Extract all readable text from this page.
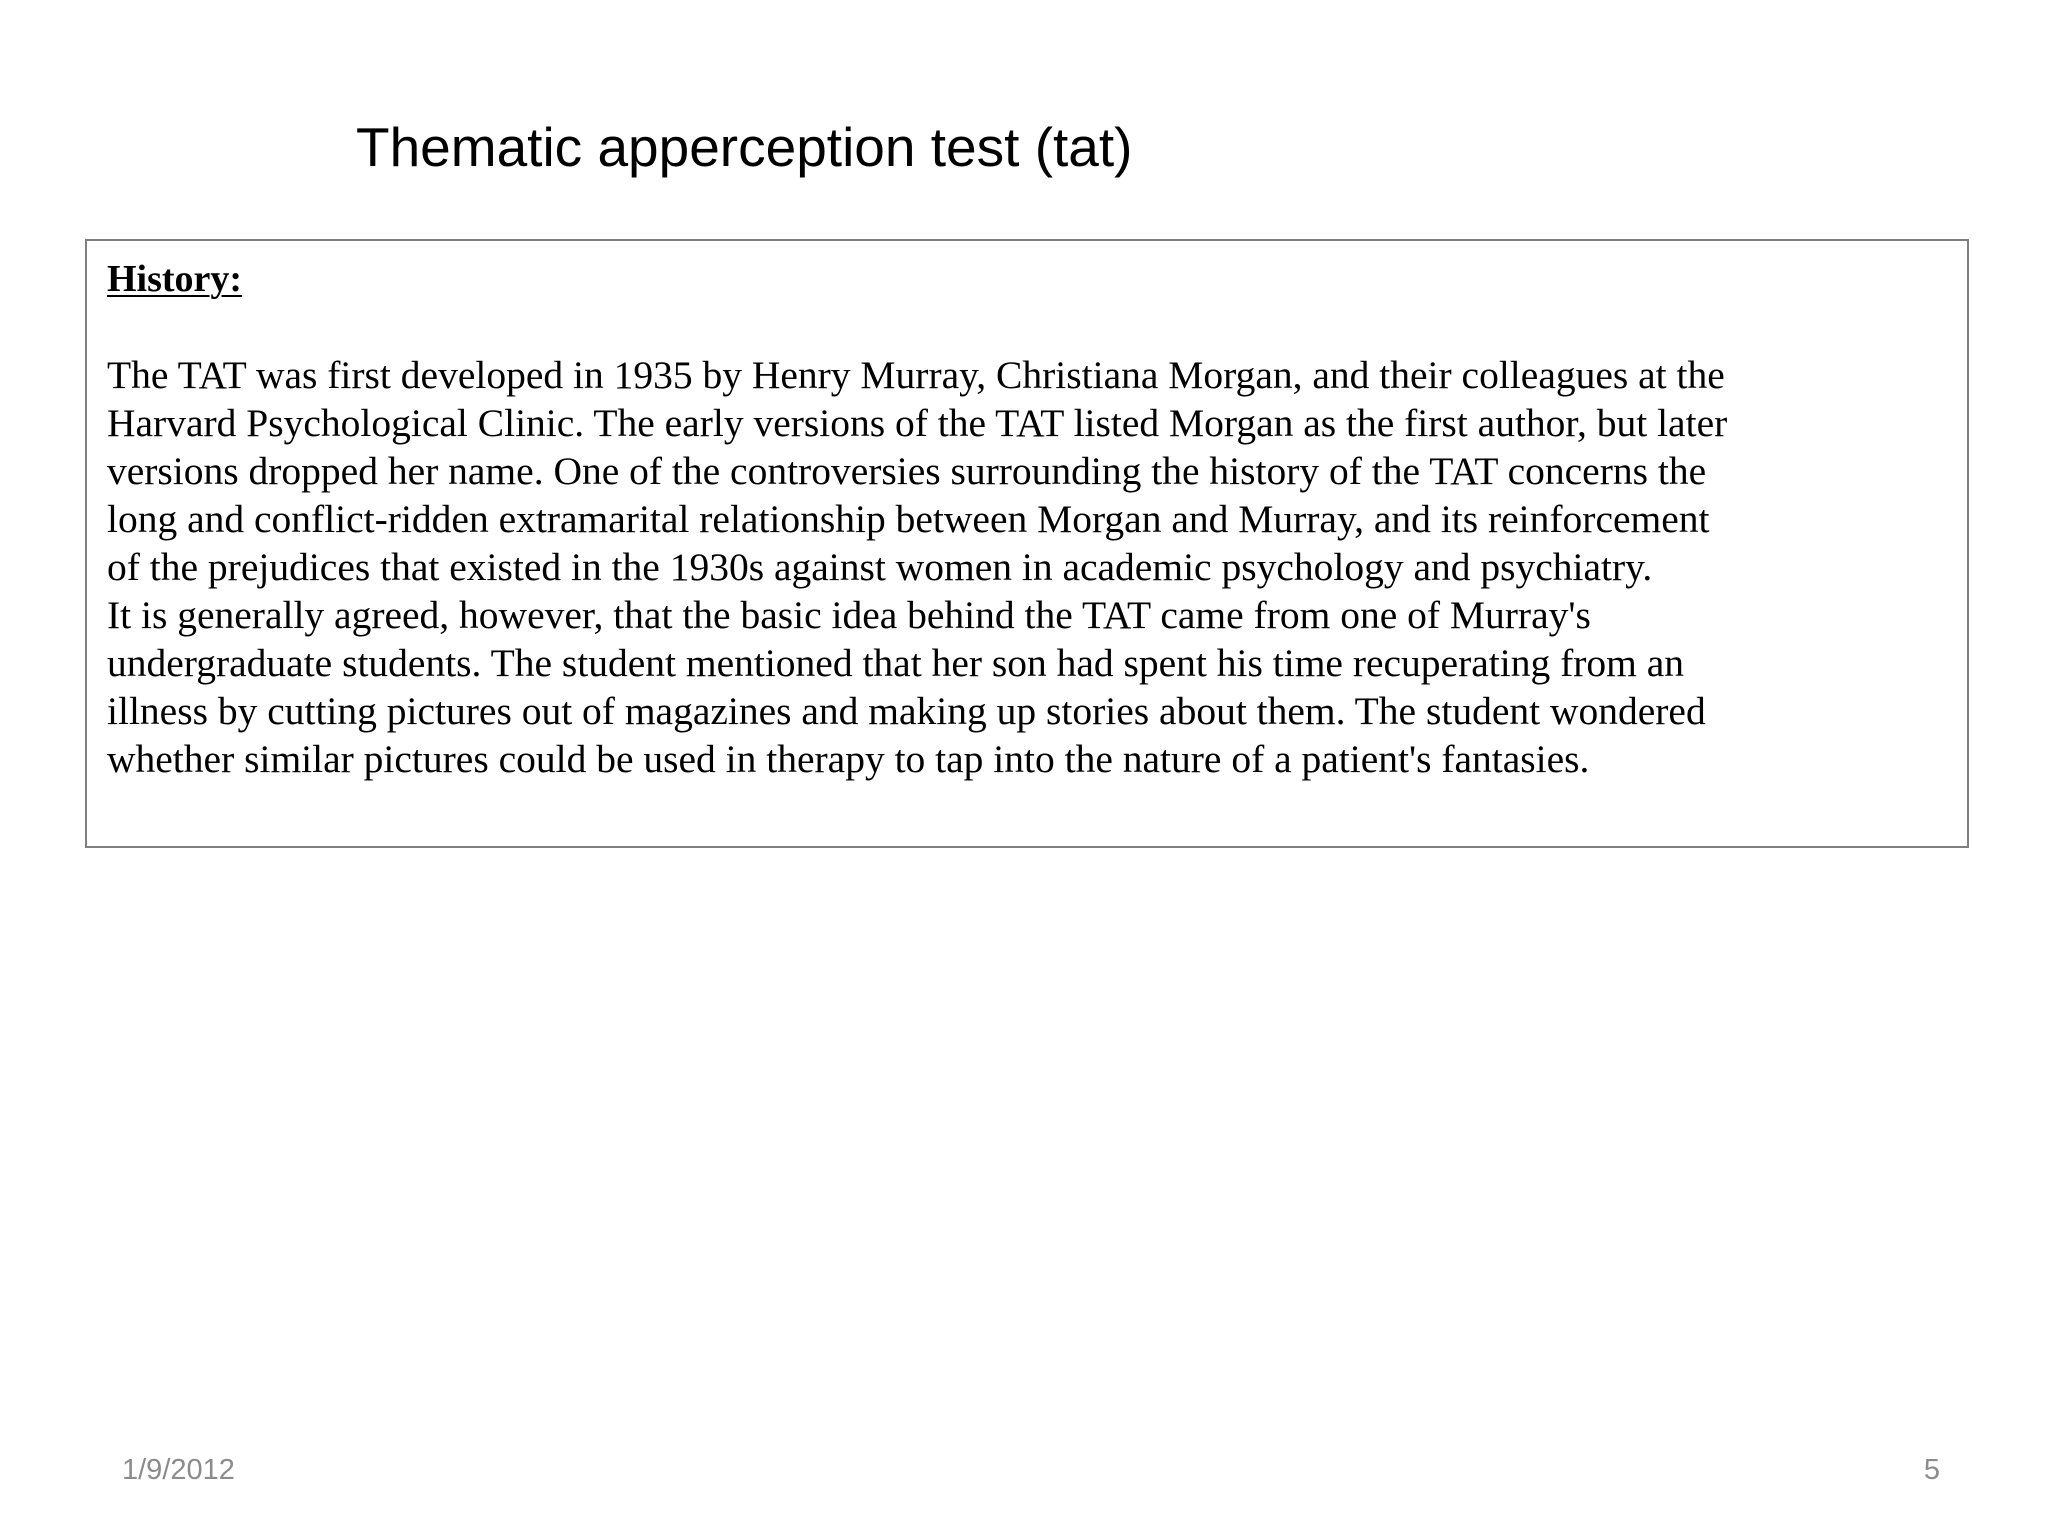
Thematic apperception test (tat)
History:
The TAT was first developed in 1935 by Henry Murray, Christiana Morgan, and their colleagues at the
Harvard Psychological Clinic. The early versions of the TAT listed Morgan as the first author, but later
versions dropped her name. One of the controversies surrounding the history of the TAT concerns the
long and conflict-ridden extramarital relationship between Morgan and Murray, and its reinforcement
of the prejudices that existed in the 1930s against women in academic psychology and psychiatry.
It is generally agreed, however, that the basic idea behind the TAT came from one of Murray's
undergraduate students. The student mentioned that her son had spent his time recuperating from an
illness by cutting pictures out of magazines and making up stories about them. The student wondered
whether similar pictures could be used in therapy to tap into the nature of a patient's fantasies.
1/9/2012	5
